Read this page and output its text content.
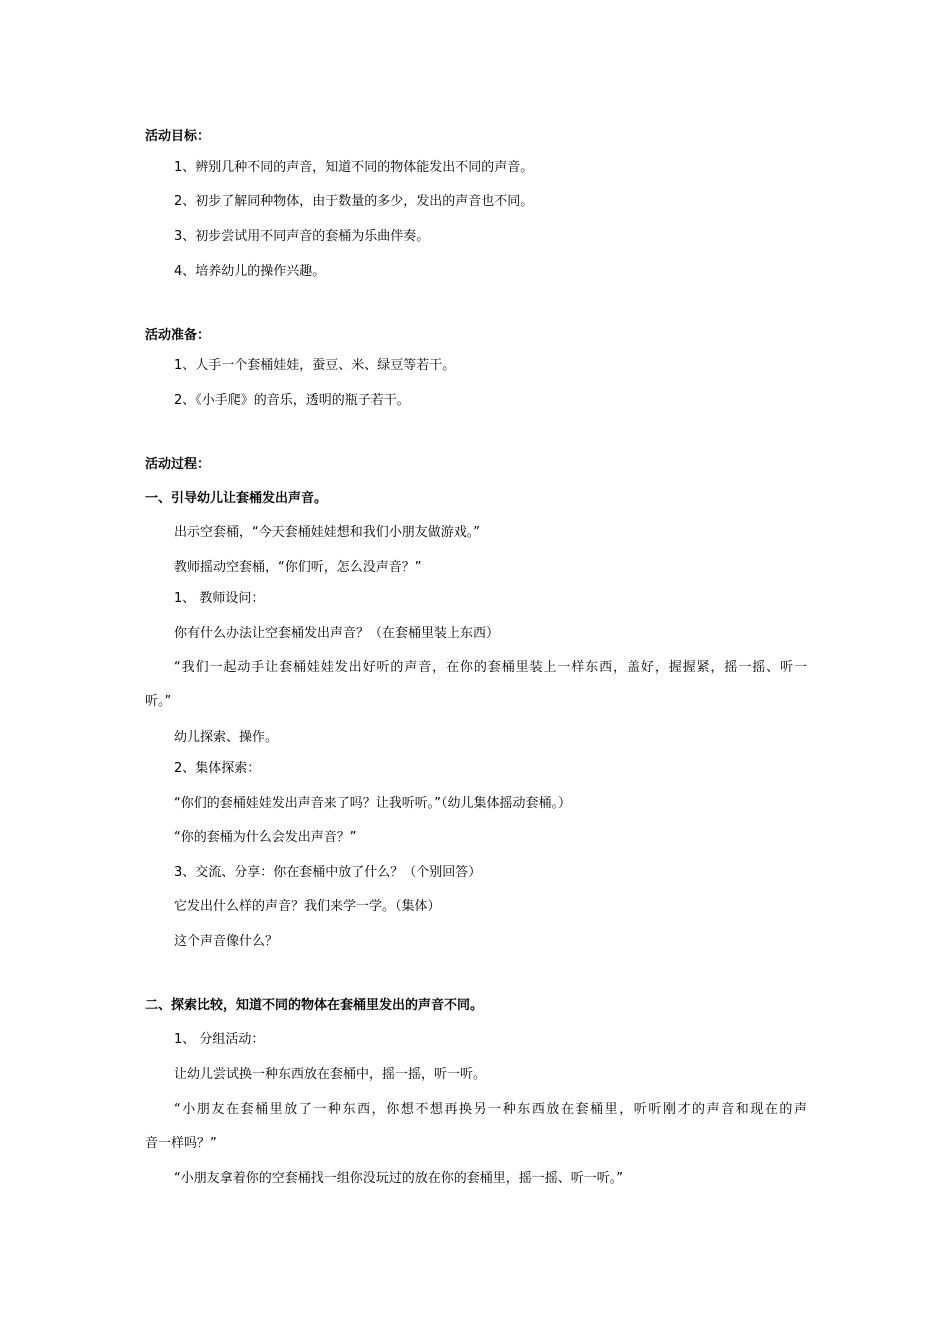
活动目标：
1、辨别几种不同的声音，知道不同的物体能发出不同的声音。
2、初步了解同种物体，由于数量的多少，发出的声音也不同。
3、初步尝试用不同声音的套桶为乐曲伴奏。
4、培养幼儿的操作兴趣。
活动准备：
1、人手一个套桶娃娃，蚕豆、米、绿豆等若干。
2、《小手爬》的音乐，透明的瓶子若干。
活动过程：
一、引导幼儿让套桶发出声音。
出示空套桶，“今天套桶娃娃想和我们小朋友做游戏。”
教师摇动空套桶，“你们听，怎么没声音？”
1、 教师设问：
你有什么办法让空套桶发出声音？（在套桶里装上东西）
“我们一起动手让套桶娃娃发出好听的声音，在你的套桶里装上一样东西，盖好，握握紧，摇一摇、听一
听。”
幼儿探索、操作。
2、集体探索：
“你们的套桶娃娃发出声音来了吗？让我听听。”（幼儿集体摇动套桶。）
“你的套桶为什么会发出声音？”
3、交流、分享：你在套桶中放了什么？（个别回答）
它发出什么样的声音？我们来学一学。（集体）
这个声音像什么？
二、探索比较，知道不同的物体在套桶里发出的声音不同。
1、 分组活动：
让幼儿尝试换一种东西放在套桶中，摇一摇，听一听。
“小朋友在套桶里放了一种东西，你想不想再换另一种东西放在套桶里，听听刚才的声音和现在的声
音一样吗？”
“小朋友拿着你的空套桶找一组你没玩过的放在你的套桶里，摇一摇、听一听。”
